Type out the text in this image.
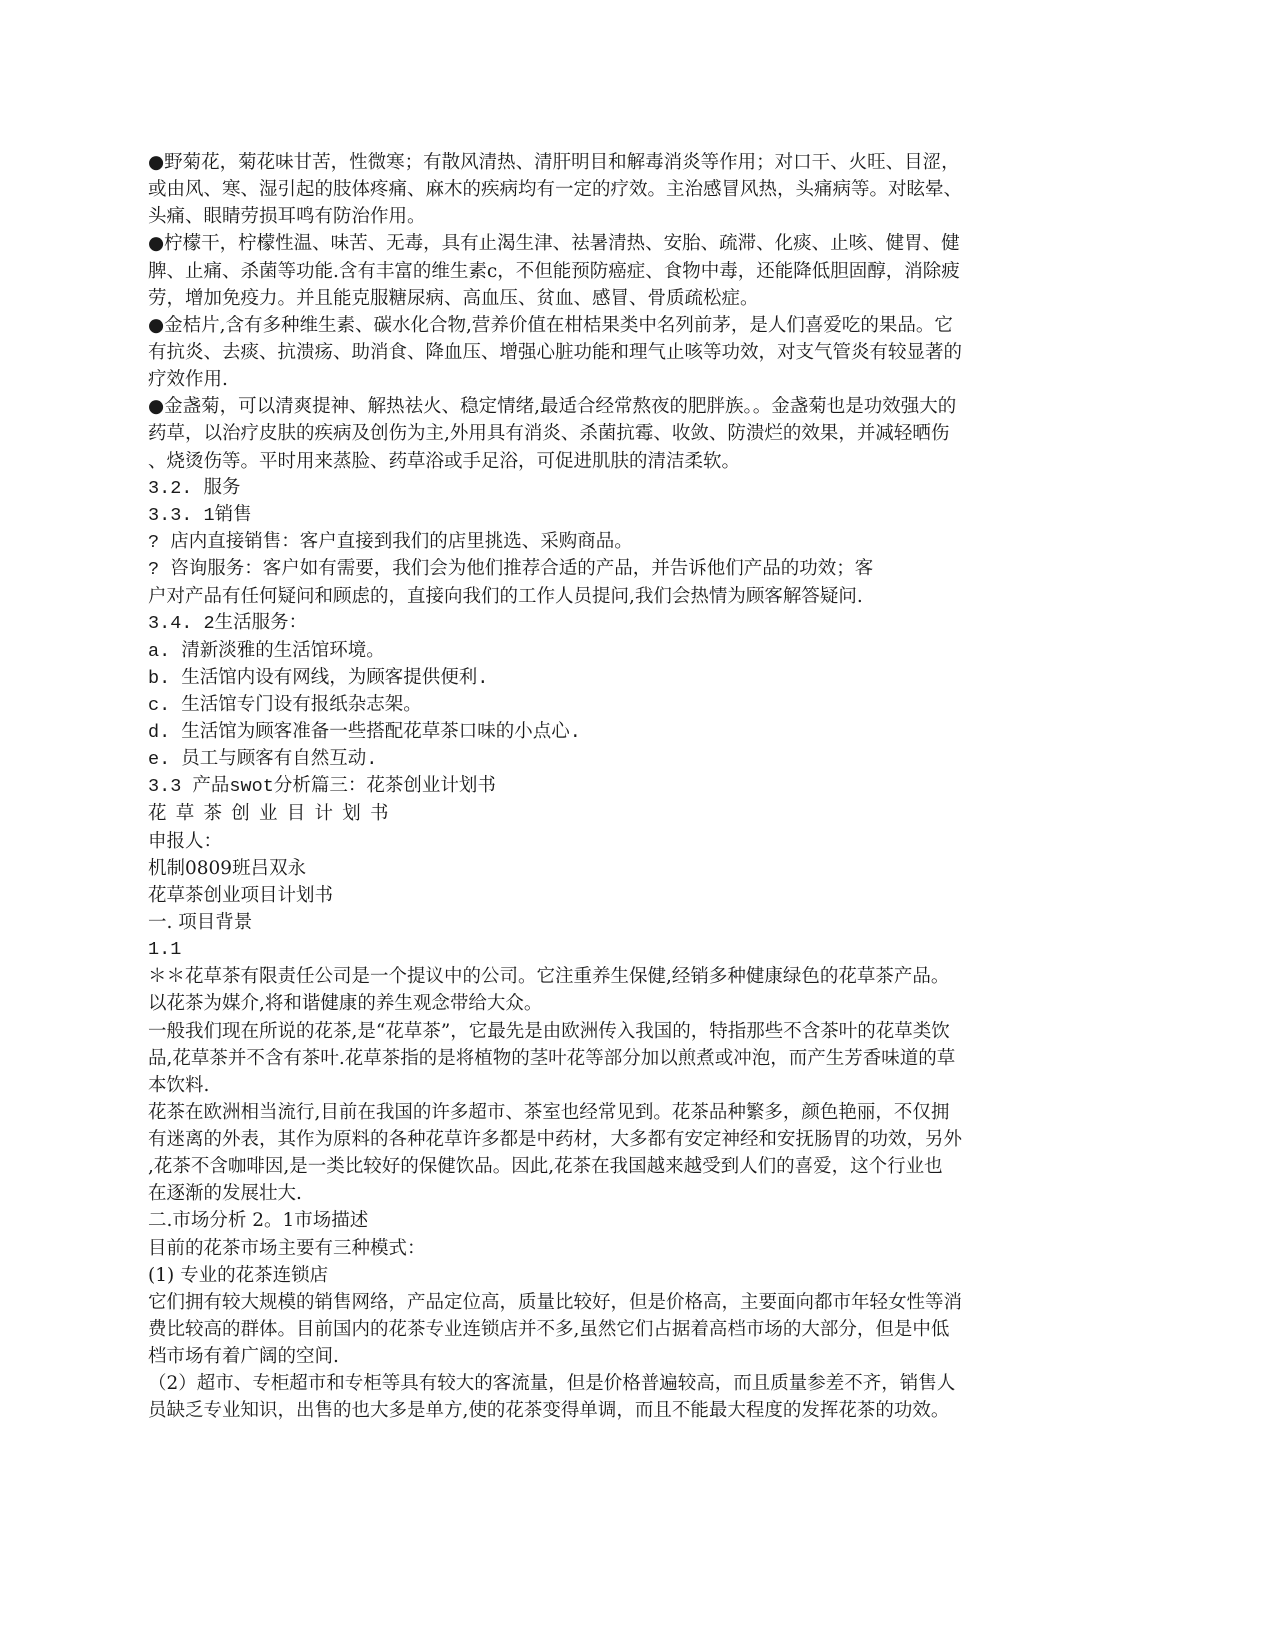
●野菊花，菊花味甘苦，性微寒；有散风清热、清肝明目和解毒消炎等作用；对口干、火旺、目涩，
或由风、寒、湿引起的肢体疼痛、麻木的疾病均有一定的疗效。主治感冒风热，头痛病等。对眩晕、
头痛、眼睛劳损耳鸣有防治作用。
●柠檬干，柠檬性温、味苦、无毒，具有止渴生津、祛暑清热、安胎、疏滞、化痰、止咳、健胃、健
脾、止痛、杀菌等功能.含有丰富的维生素c，不但能预防癌症、食物中毒，还能降低胆固醇，消除疲
劳，增加免疫力。并且能克服糖尿病、高血压、贫血、感冒、骨质疏松症。
●金桔片,含有多种维生素、碳水化合物,营养价值在柑桔果类中名列前茅，是人们喜爱吃的果品。它
有抗炎、去痰、抗溃疡、助消食、降血压、增强心脏功能和理气止咳等功效，对支气管炎有较显著的
疗效作用.
●金盏菊，可以清爽提神、解热祛火、稳定情绪,最适合经常熬夜的肥胖族。。金盏菊也是功效强大的
药草，以治疗皮肤的疾病及创伤为主,外用具有消炎、杀菌抗霉、收敛、防溃烂的效果，并减轻晒伤
、烧烫伤等。平时用来蒸脸、药草浴或手足浴，可促进肌肤的清洁柔软。
3.2. 服务
3.3. 1销售
? 店内直接销售：客户直接到我们的店里挑选、采购商品。
? 咨询服务：客户如有需要，我们会为他们推荐合适的产品，并告诉他们产品的功效；客
户对产品有任何疑问和顾虑的，直接向我们的工作人员提问,我们会热情为顾客解答疑问.
3.4. 2生活服务：
a. 清新淡雅的生活馆环境。
b. 生活馆内设有网线，为顾客提供便利.
c. 生活馆专门设有报纸杂志架。
d. 生活馆为顾客准备一些搭配花草茶口味的小点心.
e. 员工与顾客有自然互动.
3.3 产品swot分析篇三：花茶创业计划书
花草茶创业目计划书
申报人：
机制0809班吕双永
花草茶创业项目计划书
一. 项目背景
1.1
＊＊花草茶有限责任公司是一个提议中的公司。它注重养生保健,经销多种健康绿色的花草茶产品。
以花茶为媒介,将和谐健康的养生观念带给大众。
一般我们现在所说的花茶,是“花草茶”，它最先是由欧洲传入我国的，特指那些不含茶叶的花草类饮
品,花草茶并不含有茶叶.花草茶指的是将植物的茎叶花等部分加以煎煮或冲泡，而产生芳香味道的草
本饮料.
花茶在欧洲相当流行,目前在我国的许多超市、茶室也经常见到。花茶品种繁多，颜色艳丽，不仅拥
有迷离的外表，其作为原料的各种花草许多都是中药材，大多都有安定神经和安抚肠胃的功效，另外
,花茶不含咖啡因,是一类比较好的保健饮品。因此,花茶在我国越来越受到人们的喜爱，这个行业也
在逐渐的发展壮大.
二.市场分析 2。1市场描述
目前的花茶市场主要有三种模式：
(1) 专业的花茶连锁店
它们拥有较大规模的销售网络，产品定位高，质量比较好，但是价格高，主要面向都市年轻女性等消
费比较高的群体。目前国内的花茶专业连锁店并不多,虽然它们占据着高档市场的大部分，但是中低
档市场有着广阔的空间.
（2）超市、专柜超市和专柜等具有较大的客流量，但是价格普遍较高，而且质量参差不齐，销售人
员缺乏专业知识，出售的也大多是单方,使的花茶变得单调，而且不能最大程度的发挥花茶的功效。
